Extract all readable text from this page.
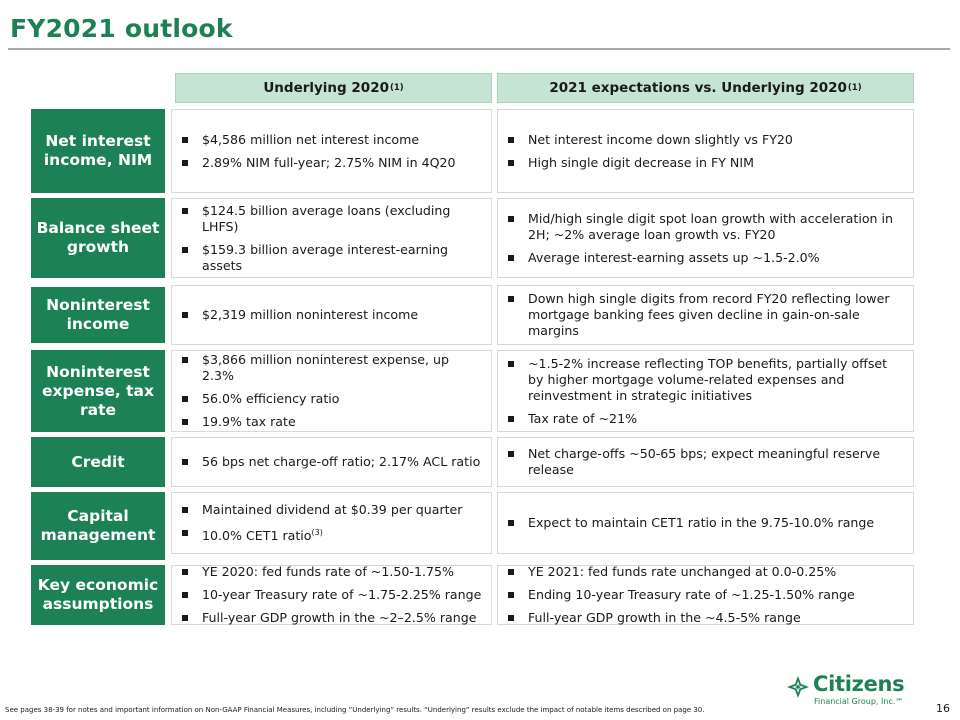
FY2021 outlook
Underlying 2020 (1)	2021 expectations vs. Underlying 2020 (1)
Net interest income, NIM
$4,586 million net interest income
2.89% NIM full-year; 2.75% NIM in 4Q20
Net interest income down slightly vs FY20
High single digit decrease in FY NIM
Balance sheet growth
$124.5 billion average loans (excluding LHFS)
$159.3 billion average interest-earning assets
Mid/high single digit spot loan growth with acceleration in 2H; ~2% average loan growth vs. FY20
Average interest-earning assets up ~1.5-2.0%
Noninterest income
$2,319 million noninterest income
Down high single digits from record FY20 reflecting lower mortgage banking fees given decline in gain-on-sale margins
Noninterest expense, tax rate
$3,866 million noninterest expense, up 2.3%
56.0% efficiency ratio
19.9% tax rate
~1.5-2% increase reflecting TOP benefits, partially offset by higher mortgage volume-related expenses and reinvestment in strategic initiatives
Tax rate of ~21%
Credit	56 bps net charge-off ratio; 2.17% ACL ratio
Net charge-offs ~50-65 bps; expect meaningful reserve release
Capital management
Maintained dividend at $0.39 per quarter
10.0% CET1 ratio$^{(3)}$
Expect to maintain CET1 ratio in the 9.75-10.0% range
Key economic assumptions
YE 2020: fed funds rate of ~1.50-1.75%
10-year Treasury rate of ~1.75-2.25% range
Full-year GDP growth in the ~2–2.5% range
YE 2021: fed funds rate unchanged at 0.0-0.25%
Ending 10-year Treasury rate of ~1.25-1.50% range
Full-year GDP growth in the ~4.5-5% range
See pages 38-39 for notes and important information on Non-GAAP Financial Measures, including “Underlying” results. “Underlying” results exclude the impact of notable items described on page 30.
Citizens
Financial Group, Inc.℠
16
